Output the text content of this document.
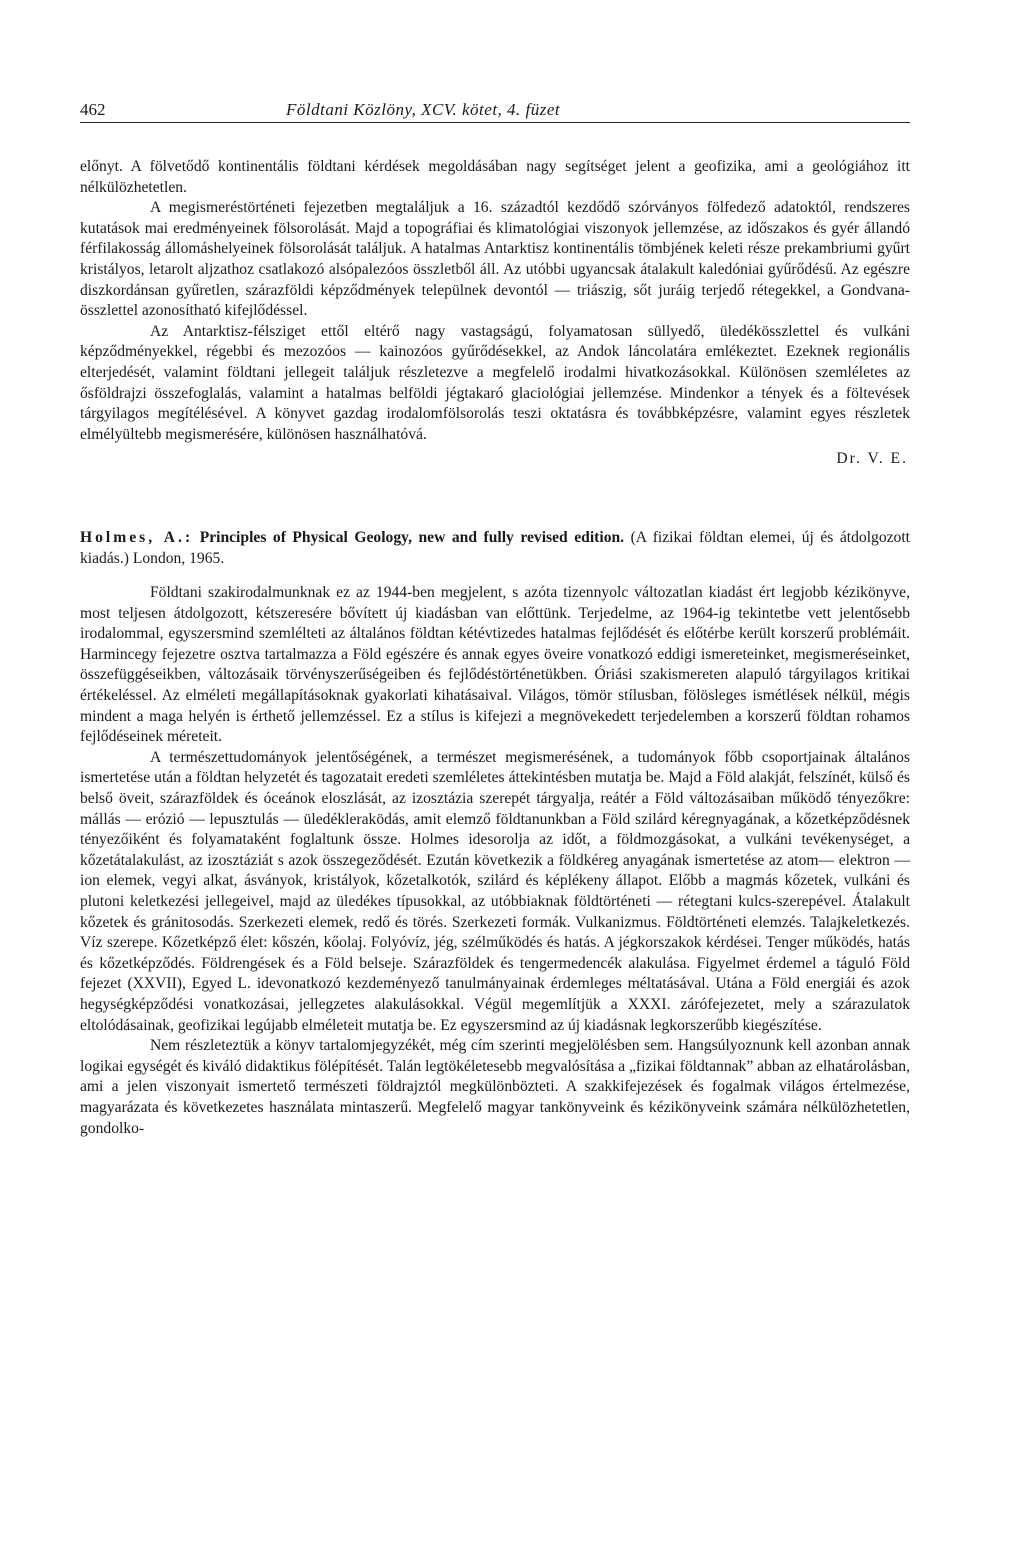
462	Földtani Közlöny, XCV. kötet, 4. füzet

előnyt. A fölvetődő kontinentális földtani kérdések megoldásában nagy segítséget jelent a geofizika, ami a geológiához itt nélkülözhetetlen.

A megismeréstörténeti fejezetben megtaláljuk a 16. századtól kezdődő szórványos fölfedező adatoktól, rendszeres kutatások mai eredményeinek fölsorolását. Majd a topográfiai és klimatológiai viszonyok jellemzése, az időszakos és gyér állandó férfilakosság állomáshelyeinek fölsorolását találjuk. A hatalmas Antarktisz kontinentális tömbjének keleti része prekambriumi gyűrt kristályos, letarolt aljzathoz csatlakozó alsópalezóos összletből áll. Az utóbbi ugyancsak átalakult kaledóniai gyűrődésű. Az egészre diszkordánsan gyűretlen, szárazföldi képződmények települnek devontól — triászig, sőt juráig terjedő rétegekkel, a Gondvana-összlettel azonosítható kifejlődéssel.

Az Antarktisz-félsziget ettől eltérő nagy vastagságú, folyamatosan süllyedő, üledékösszlettel és vulkáni képződményekkel, régebbi és mezozóos — kainozóos gyűrődésekkel, az Andok láncolatára emlékeztet. Ezeknek regionális elterjedését, valamint földtani jellegeit találjuk részletezve a megfelelő irodalmi hivatkozásokkal. Különösen szemléletes az ősföldrajzi összefoglalás, valamint a hatalmas belföldi jégtakaró glaciológiai jellemzése. Mindenkor a tények és a föltevések tárgyilagos megítélésével. A könyvet gazdag irodalomfölsorolás teszi oktatásra és továbbképzésre, valamint egyes részletek elmélyültebb megismerésére, különösen használhatóvá.

Dr. V. E.
Holmes, A.: Principles of Physical Geology, new and fully revised edition. (A fizikai földtan elemei, új és átdolgozott kiadás.) London, 1965.

Földtani szakirodalmunknak ez az 1944-ben megjelent, s azóta tizennyolc változatlan kiadást ért legjobb kézikönyve, most teljesen átdolgozott, kétszeresére bővített új kiadásban van előttünk. Terjedelme, az 1964-ig tekintetbe vett jelentősebb irodalommal, egyszersmind szemlélteti az általános földtan kétévtizedes hatalmas fejlődését és előtérbe került korszerű problémáit. Harmincegy fejezetre osztva tartalmazza a Föld egészére és annak egyes öveire vonatkozó eddigi ismereteinket, megismeréseinket, összefüggéseikben, változásaik törvényszerűségeiben és fejlődéstörténetükben. Óriási szakismereten alapuló tárgyilagos kritikai értékeléssel. Az elméleti megállapításoknak gyakorlati kihatásaival. Világos, tömör stílusban, fölösleges ismétlések nélkül, mégis mindent a maga helyén is érthető jellemzéssel. Ez a stílus is kifejezi a megnövekedett terjedelemben a korszerű földtan rohamos fejlődéseinek méreteit.

A természettudományok jelentőségének, a természet megismerésének, a tudományok főbb csoportjainak általános ismertetése után a földtan helyzetét és tagozatait eredeti szemléletes áttekintésben mutatja be. Majd a Föld alakját, felszínét, külső és belső öveit, szárazföldek és óceánok eloszlását, az izosztázia szerepét tárgyalja, reátér a Föld változásaiban működő tényezőkre: mállás — erózió — lepusztulás — üledékleraködás, amit elemző földtanunkban a Föld szilárd kéregnyagának, a kőzetképződésnek tényezőiként és folyamataként foglaltunk össze. Holmes idesorolja az időt, a földmozgásokat, a vulkáni tevékenységet, a kőzetátalakulást, az izosztáziát s azok összegeződését. Ezután következik a földkéreg anyagának ismertetése az atom— elektron — ion elemek, vegyi alkat, ásványok, kristályok, kőzetalkotók, szilárd és képlékeny állapot. Előbb a magmás kőzetek, vulkáni és plutoni keletkezési jellegeivel, majd az üledékes típusokkal, az utóbbiaknak földtörténeti — rétegtani kulcs-szerepével. Átalakult kőzetek és gránitosodás. Szerkezeti elemek, redő és törés. Szerkezeti formák. Vulkanizmus. Földtörténeti elemzés. Talajkeletkezés. Víz szerepe. Kőzetképző élet: kőszén, kőolaj. Folyóvíz, jég, szélműködés és hatás. A jégkorszakok kérdései. Tenger működés, hatás és kőzetképződés. Földrengések és a Föld belseje. Szárazföldek és tengermedencék alakulása. Figyelmet érdemel a táguló Föld fejezet (XXVII), Egyed L. idevonatkozó kezdeményező tanulmányainak érdemleges méltatásával. Utána a Föld energiái és azok hegységképződési vonatkozásai, jellegzetes alakulásokkal. Végül megemlítjük a XXXI. zárófejezetet, mely a szárazulatok eltolódásainak, geofizikai legújabb elméleteit mutatja be. Ez egyszersmind az új kiadásnak legkorszerűbb kiegészítése.

Nem részleteztük a könyv tartalomjegyzékét, még cím szerinti megjelölésben sem. Hangsúlyoznunk kell azonban annak logikai egységét és kiváló didaktikus fölépítését. Talán legtökéletesebb megvalósítása a „fizikai földtannak” abban az elhatárolásban, ami a jelen viszonyait ismertető természeti földrajztól megkülönbözteti. A szakkifejezések és fogalmak világos értelmezése, magyarázata és következetes használata mintaszerű. Megfelelő magyar tankönyveink és kézikönyveink számára nélkülözhetetlen, gondolko-
